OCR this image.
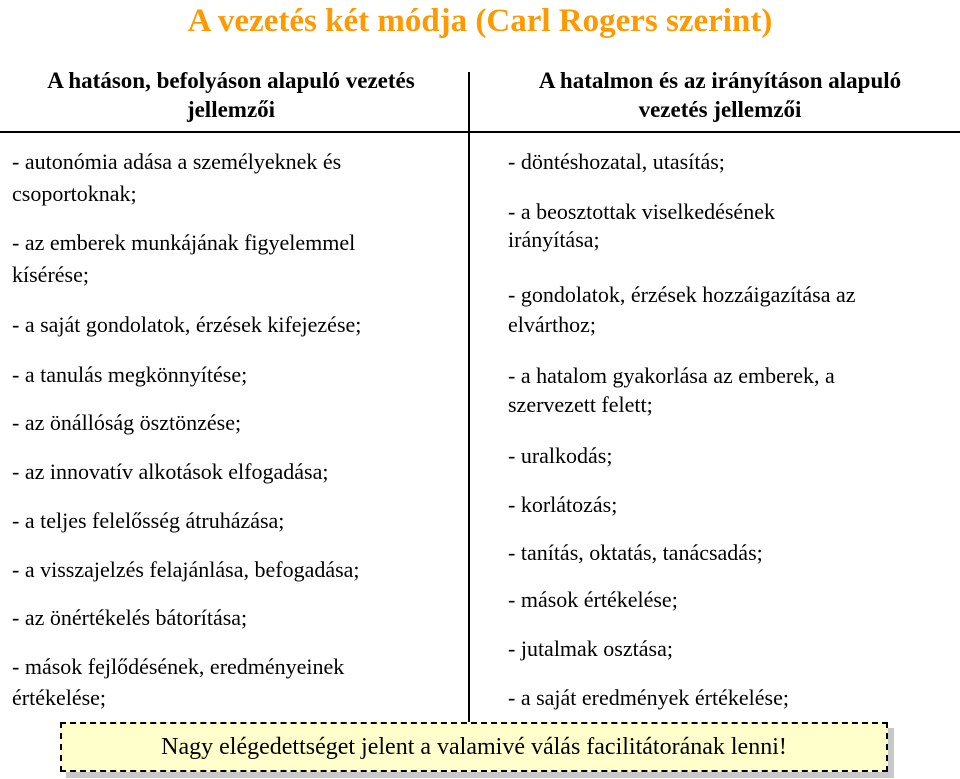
A vezetés két módja (Carl Rogers szerint)
A hatáson, befolyáson alapuló vezetés
jellemzői
A hatalmon és az irányításon alapuló
vezetés jellemzői
- autonómia adása a személyeknek és
csoportoknak;
- az emberek munkájának figyelemmel
kísérése;
- a saját gondolatok, érzések kifejezése;
- a tanulás megkönnyítése;
- az önállóság ösztönzése;
- az innovatív alkotások elfogadása;
- a teljes felelősség átruházása;
- a visszajelzés felajánlása, befogadása;
- az önértékelés bátorítása;
- mások fejlődésének, eredményeinek
értékelése;
- döntéshozatal, utasítás;
- a beosztottak viselkedésének
irányítása;
- gondolatok, érzések hozzáigazítása az
elvárthoz;
- a hatalom gyakorlása az emberek, a
szervezett felett;
- uralkodás;
- korlátozás;
- tanítás, oktatás, tanácsadás;
- mások értékelése;
- jutalmak osztása;
- a saját eredmények értékelése;
Nagy elégedettséget jelent a valamivé válás facilitátorának lenni!
